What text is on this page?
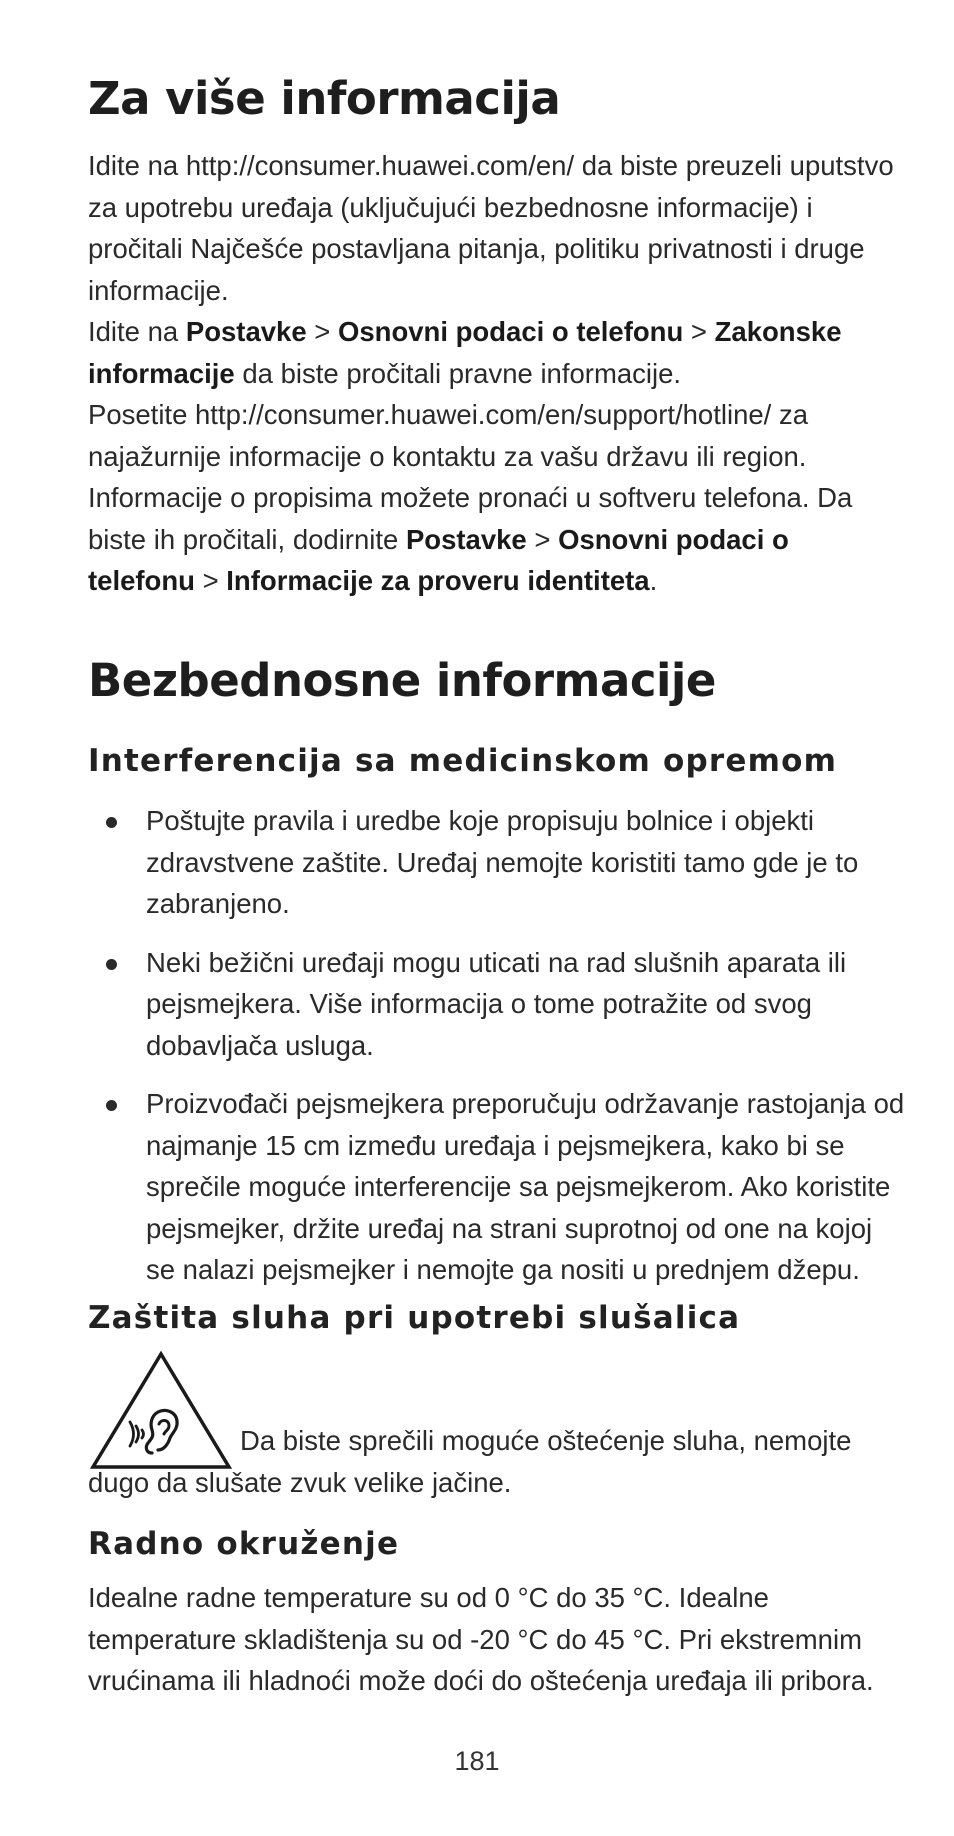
Za više informacija

Idite na http://consumer.huawei.com/en/ da biste preuzeli uputstvo za upotrebu uređaja (uključujući bezbednosne informacije) i pročitali Najčešće postavljana pitanja, politiku privatnosti i druge informacije.

Idite na Postavke > Osnovni podaci o telefonu > Zakonske informacije da biste pročitali pravne informacije.

Posetite http://consumer.huawei.com/en/support/hotline/ za najažurnije informacije o kontaktu za vašu državu ili region.

Informacije o propisima možete pronaći u softveru telefona. Da biste ih pročitali, dodirnite Postavke > Osnovni podaci o telefonu > Informacije za proveru identiteta.

Bezbednosne informacije
Interferencija sa medicinskom opremom
Poštujte pravila i uredbe koje propisuju bolnice i objekti zdravstvene zaštite. Uređaj nemojte koristiti tamo gde je to zabranjeno.
Neki bežični uređaji mogu uticati na rad slušnih aparata ili pejsmejkera. Više informacija o tome potražite od svog dobavljača usluga.
Proizvođači pejsmejkera preporučuju održavanje rastojanja od najmanje 15 cm između uređaja i pejsmejkera, kako bi se sprečile moguće interferencije sa pejsmejkerom. Ako koristite pejsmejker, držite uređaj na strani suprotnoj od one na kojoj se nalazi pejsmejker i nemojte ga nositi u prednjem džepu.
Zaštita sluha pri upotrebi slušalica

Da biste sprečili moguće oštećenje sluha, nemojte dugo da slušate zvuk velike jačine.

Radno okruženje

Idealne radne temperature su od 0 °C do 35 °C. Idealne temperature skladištenja su od -20 °C do 45 °C. Pri ekstremnim vrućinama ili hladnoći može doći do oštećenja uređaja ili pribora.

181
